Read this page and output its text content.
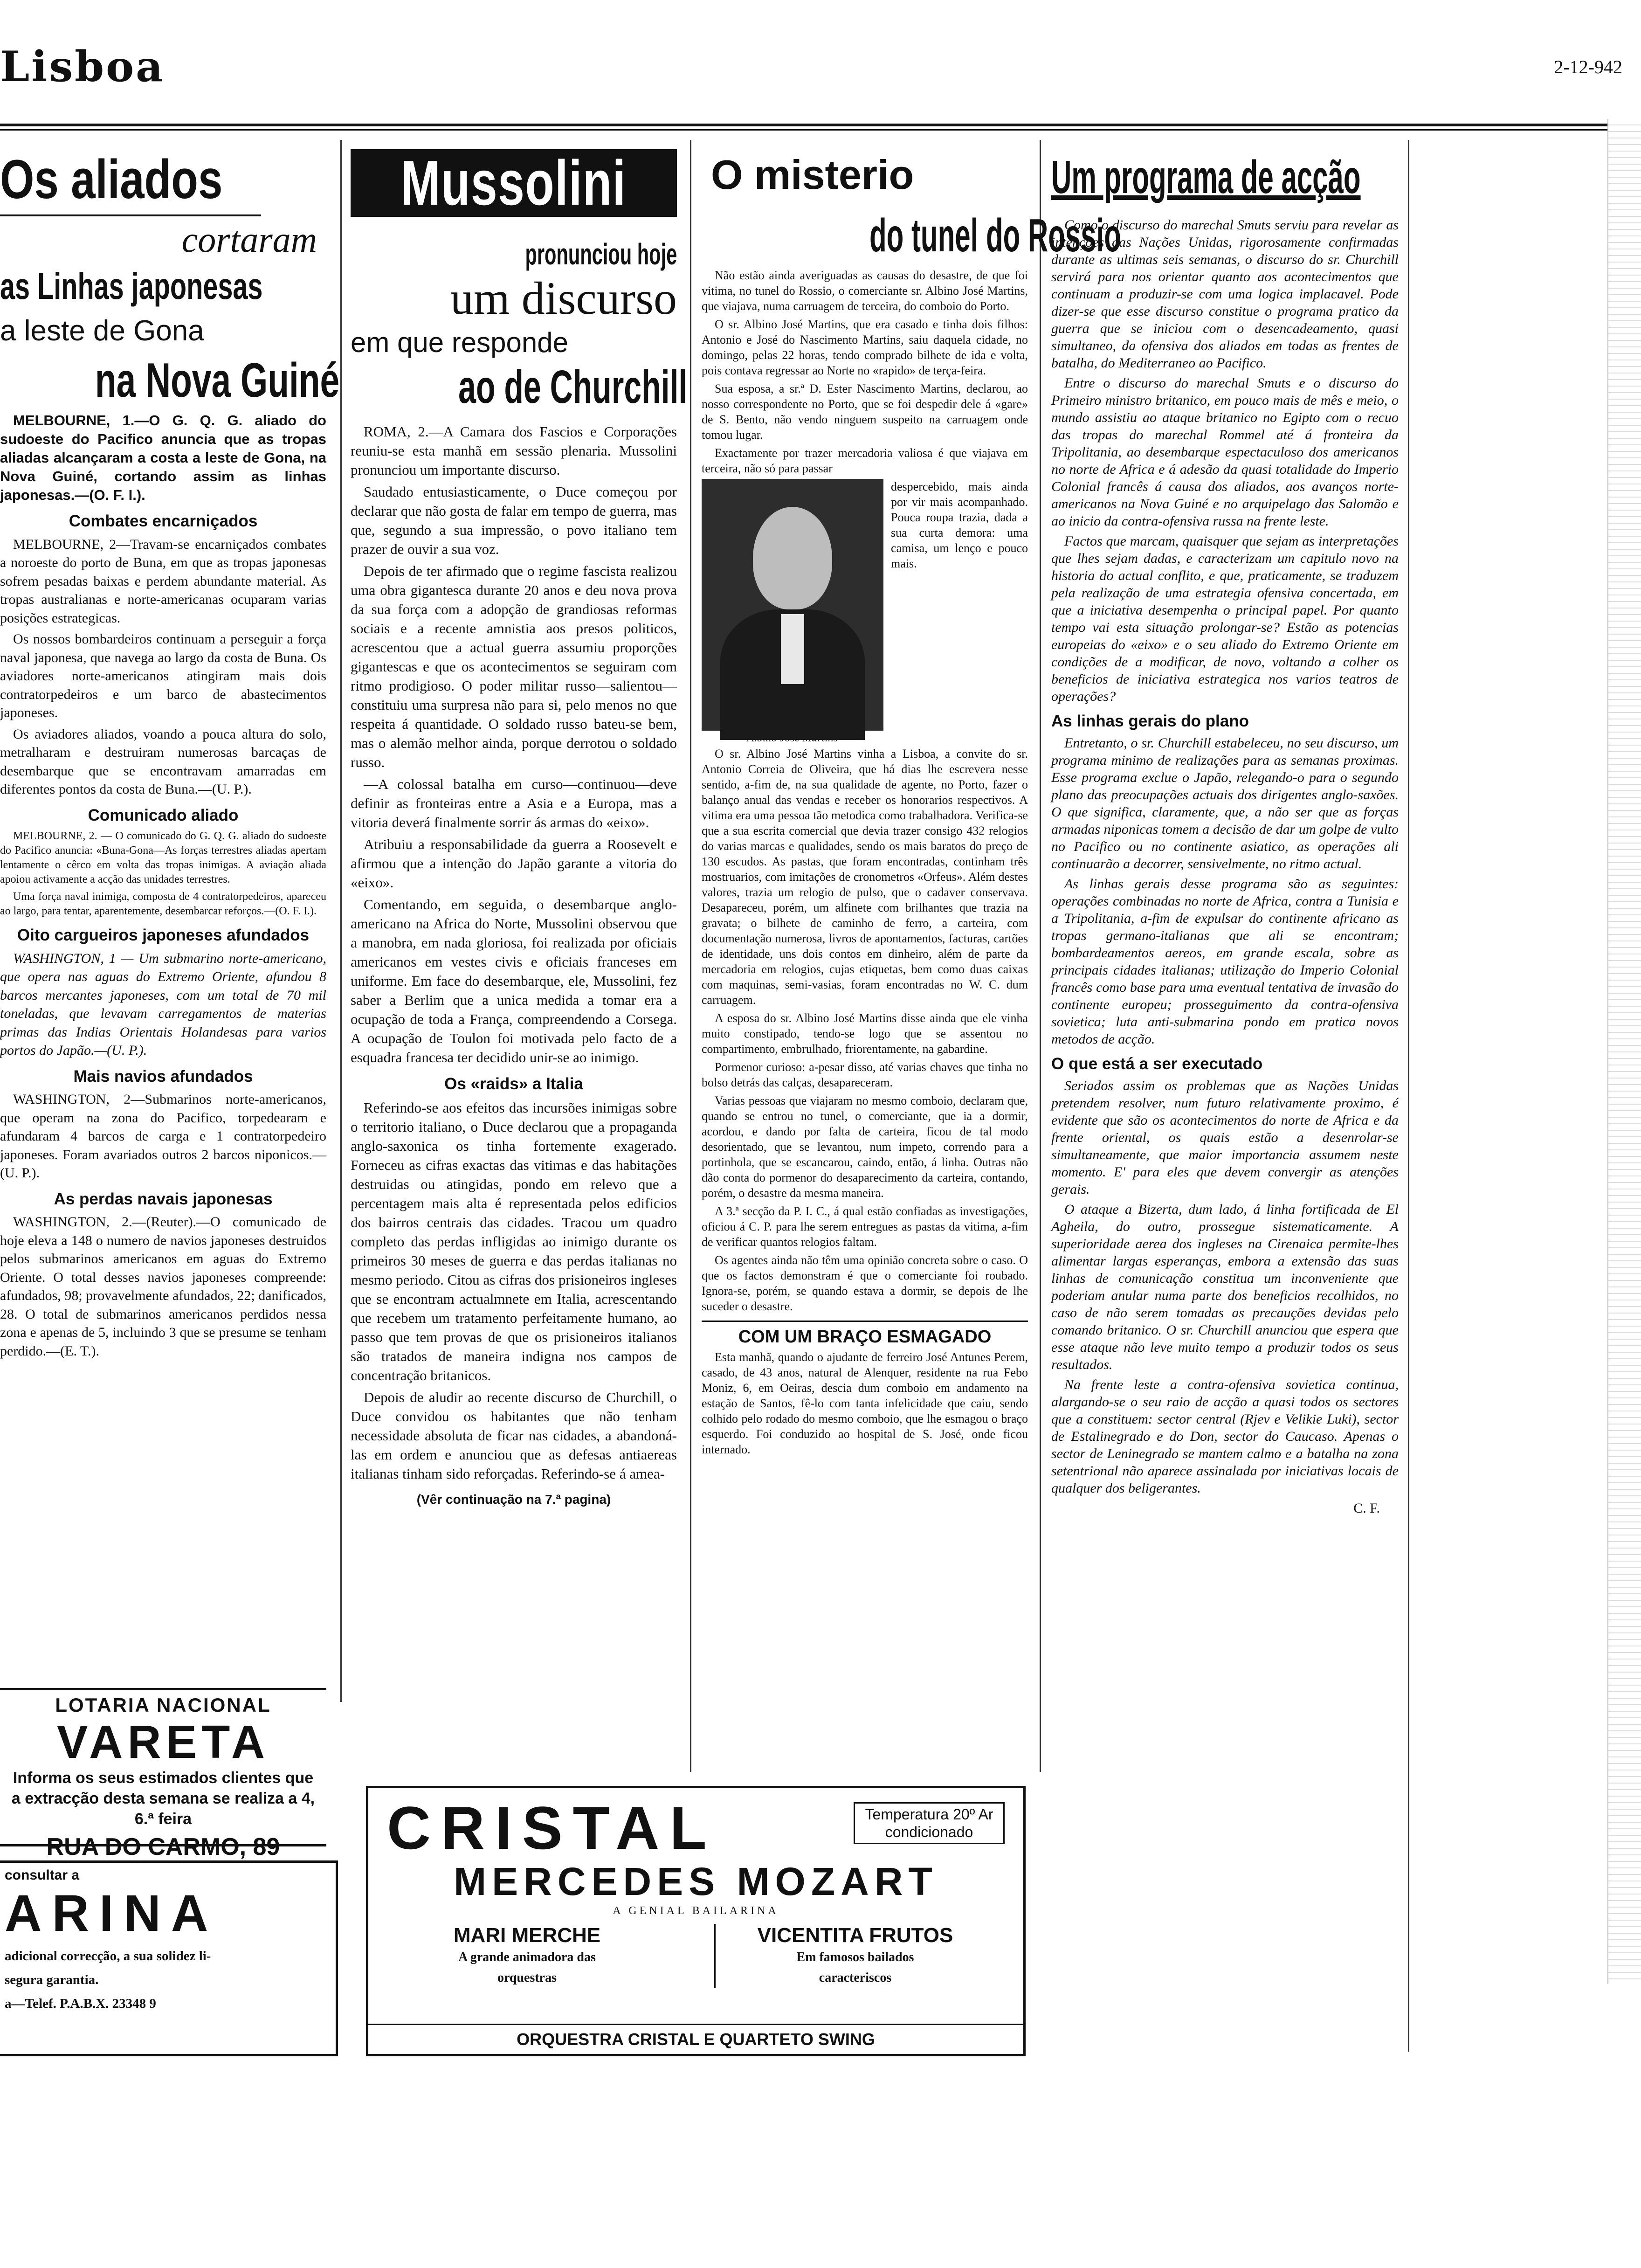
Lisboa	2-12-942
Os aliados
cortaram
as Linhas japonesas
a leste de Gona
na Nova Guiné

MELBOURNE, 1.—O G. Q. G. aliado do sudoeste do Pacifico anuncia que as tropas aliadas alcançaram a costa a leste de Gona, na Nova Guiné, cortando assim as linhas japonesas.—(O. F. I.).

Combates encarniçados

MELBOURNE, 2—Travam-se encarniçados combates a noroeste do porto de Buna, em que as tropas japonesas sofrem pesadas baixas e perdem abundante material. As tropas australianas e norte-americanas ocuparam varias posições estrategicas.

Os nossos bombardeiros continuam a perseguir a força naval japonesa, que navega ao largo da costa de Buna. Os aviadores norte-americanos atingiram mais dois contratorpedeiros e um barco de abastecimentos japoneses.

Os aviadores aliados, voando a pouca altura do solo, metralharam e destruiram numerosas barcaças de desembarque que se encontravam amarradas em diferentes pontos da costa de Buna.—(U. P.).

Comunicado aliado

MELBOURNE, 2. — O comunicado do G. Q. G. aliado do sudoeste do Pacifico anuncia: «Buna-Gona—As forças terrestres aliadas apertam lentamente o cêrco em volta das tropas inimigas. A aviação aliada apoiou activamente a acção das unidades terrestres.

Uma força naval inimiga, composta de 4 contratorpedeiros, apareceu ao largo, para tentar, aparentemente, desembarcar reforços.—(O. F. I.).

Oito cargueiros japoneses afundados

WASHINGTON, 1 — Um submarino norte-americano, que opera nas aguas do Extremo Oriente, afundou 8 barcos mercantes japoneses, com um total de 70 mil toneladas, que levavam carregamentos de materias primas das Indias Orientais Holandesas para varios portos do Japão.—(U. P.).

Mais navios afundados

WASHINGTON, 2—Submarinos norte-americanos, que operam na zona do Pacifico, torpedearam e afundaram 4 barcos de carga e 1 contratorpedeiro japoneses. Foram avariados outros 2 barcos niponicos.—(U. P.).

As perdas navais japonesas

WASHINGTON, 2.—(Reuter).—O comunicado de hoje eleva a 148 o numero de navios japoneses destruidos pelos submarinos americanos em aguas do Extremo Oriente. O total desses navios japoneses compreende: afundados, 98; provavelmente afundados, 22; danificados, 28. O total de submarinos americanos perdidos nessa zona e apenas de 5, incluindo 3 que se presume se tenham perdido.—(E. T.).

LOTARIA NACIONAL
VARETA
Informa os seus estimados clientes que a extracção desta semana se realiza a 4, 6.ª feira
RUA DO CARMO, 89
consultar a
ARINA
adicional correcção, a sua solidez li-
segura garantia.
a—Telef. P.A.B.X. 23348 9
Mussolini
pronunciou hoje
um discurso
em que responde
ao de Churchill

ROMA, 2.—A Camara dos Fascios e Corporações reuniu-se esta manhã em sessão plenaria. Mussolini pronunciou um importante discurso.

Saudado entusiasticamente, o Duce começou por declarar que não gosta de falar em tempo de guerra, mas que, segundo a sua impressão, o povo italiano tem prazer de ouvir a sua voz.

Depois de ter afirmado que o regime fascista realizou uma obra gigantesca durante 20 anos e deu nova prova da sua força com a adopção de grandiosas reformas sociais e a recente amnistia aos presos politicos, acrescentou que a actual guerra assumiu proporções gigantescas e que os acontecimentos se seguiram com ritmo prodigioso. O poder militar russo—salientou—constituiu uma surpresa não para si, pelo menos no que respeita á quantidade. O soldado russo bateu-se bem, mas o alemão melhor ainda, porque derrotou o soldado russo.

—A colossal batalha em curso—continuou—deve definir as fronteiras entre a Asia e a Europa, mas a vitoria deverá finalmente sorrir ás armas do «eixo».

Atribuiu a responsabilidade da guerra a Roosevelt e afirmou que a intenção do Japão garante a vitoria do «eixo».

Comentando, em seguida, o desembarque anglo-americano na Africa do Norte, Mussolini observou que a manobra, em nada gloriosa, foi realizada por oficiais americanos em vestes civis e oficiais franceses em uniforme. Em face do desembarque, ele, Mussolini, fez saber a Berlim que a unica medida a tomar era a ocupação de toda a França, compreendendo a Corsega. A ocupação de Toulon foi motivada pelo facto de a esquadra francesa ter decidido unir-se ao inimigo.

Os «raids» a Italia

Referindo-se aos efeitos das incursões inimigas sobre o territorio italiano, o Duce declarou que a propaganda anglo-saxonica os tinha fortemente exagerado. Forneceu as cifras exactas das vitimas e das habitações destruidas ou atingidas, pondo em relevo que a percentagem mais alta é representada pelos edificios dos bairros centrais das cidades. Tracou um quadro completo das perdas infligidas ao inimigo durante os primeiros 30 meses de guerra e das perdas italianas no mesmo periodo. Citou as cifras dos prisioneiros ingleses que se encontram actualmnete em Italia, acrescentando que recebem um tratamento perfeitamente humano, ao passo que tem provas de que os prisioneiros italianos são tratados de maneira indigna nos campos de concentração britanicos.

Depois de aludir ao recente discurso de Churchill, o Duce convidou os habitantes que não tenham necessidade absoluta de ficar nas cidades, a abandoná-las em ordem e anunciou que as defesas antiaereas italianas tinham sido reforçadas. Referindo-se á amea-

(Vêr continuação na 7.ª pagina)
O misterio
do tunel do Rossio

Não estão ainda averiguadas as causas do desastre, de que foi vitima, no tunel do Rossio, o comerciante sr. Albino José Martins, que viajava, numa carruagem de terceira, do comboio do Porto.

O sr. Albino José Martins, que era casado e tinha dois filhos: Antonio e José do Nascimento Martins, saiu daquela cidade, no domingo, pelas 22 horas, tendo comprado bilhete de ida e volta, pois contava regressar ao Norte no «rapido» de terça-feira.

Sua esposa, a sr.ª D. Ester Nascimento Martins, declarou, ao nosso correspondente no Porto, que se foi despedir dele á «gare» de S. Bento, não vendo ninguem suspeito na carruagem onde tomou lugar.

Exactamente por trazer mercadoria valiosa é que viajava em terceira, não só para passar

despercebido, mais ainda por vir mais acompanhado. Pouca roupa trazia, dada a sua curta demora: uma camisa, um lenço e pouco mais.

O sr. Albino José Martins vinha a Lisboa, a convite do sr. Antonio Correia de Oliveira, que há dias lhe escrevera nesse sentido, a-fim de, na sua qualidade de agente, no Porto, fazer o balanço anual das vendas e receber os honorarios respectivos. A vitima era uma pessoa tão metodica como trabalhadora. Verifica-se que a sua escrita comercial que devia trazer consigo 432 relogios do varias marcas e qualidades, sendo os mais baratos do preço de 130 escudos. As pastas, que foram encontradas, continham três mostruarios, com imitações de cronometros «Orfeus». Além destes valores, trazia um relogio de pulso, que o cadaver conservava. Desapareceu, porém, um alfinete com brilhantes que trazia na gravata; o bilhete de caminho de ferro, a carteira, com documentação numerosa, livros de apontamentos, facturas, cartões de identidade, uns dois contos em dinheiro, além de parte da mercadoria em relogios, cujas etiquetas, bem como duas caixas com maquinas, semi-vasias, foram encontradas no W. C. dum carruagem.

A esposa do sr. Albino José Martins disse ainda que ele vinha muito constipado, tendo-se logo que se assentou no compartimento, embrulhado, friorentamente, na gabardine.

Pormenor curioso: a-pesar disso, até varias chaves que tinha no bolso detrás das calças, desapareceram.

Varias pessoas que viajaram no mesmo comboio, declaram que, quando se entrou no tunel, o comerciante, que ia a dormir, acordou, e dando por falta de carteira, ficou de tal modo desorientado, que se levantou, num impeto, correndo para a portinhola, que se escancarou, caindo, então, á linha. Outras não dão conta do pormenor do desaparecimento da carteira, contando, porém, o desastre da mesma maneira.

A 3.ª secção da P. I. C., á qual estão confiadas as investigações, oficiou á C. P. para lhe serem entregues as pastas da vitima, a-fim de verificar quantos relogios faltam.

Os agentes ainda não têm uma opinião concreta sobre o caso. O que os factos demonstram é que o comerciante foi roubado. Ignora-se, porém, se quando estava a dormir, se depois de lhe suceder o desastre.

COM UM BRAÇO ESMAGADO

Esta manhã, quando o ajudante de ferreiro José Antunes Perem, casado, de 43 anos, natural de Alenquer, residente na rua Febo Moniz, 6, em Oeiras, descia dum comboio em andamento na estação de Santos, fê-lo com tanta infelicidade que caiu, sendo colhido pelo rodado do mesmo comboio, que lhe esmagou o braço esquerdo. Foi conduzido ao hospital de S. José, onde ficou internado.

Um programa de acção

Como o discurso do marechal Smuts serviu para revelar as intenções das Nações Unidas, rigorosamente confirmadas durante as ultimas seis semanas, o discurso do sr. Churchill servirá para nos orientar quanto aos acontecimentos que continuam a produzir-se com uma logica implacavel. Pode dizer-se que esse discurso constitue o programa pratico da guerra que se iniciou com o desencadeamento, quasi simultaneo, da ofensiva dos aliados em todas as frentes de batalha, do Mediterraneo ao Pacifico.

Entre o discurso do marechal Smuts e o discurso do Primeiro ministro britanico, em pouco mais de mês e meio, o mundo assistiu ao ataque britanico no Egipto com o recuo das tropas do marechal Rommel até á fronteira da Tripolitania, ao desembarque espectaculoso dos americanos no norte de Africa e á adesão da quasi totalidade do Imperio Colonial francês á causa dos aliados, aos avanços norte-americanos na Nova Guiné e no arquipelago das Salomão e ao inicio da contra-ofensiva russa na frente leste.

Factos que marcam, quaisquer que sejam as interpretações que lhes sejam dadas, e caracterizam um capitulo novo na historia do actual conflito, e que, praticamente, se traduzem pela realização de uma estrategia ofensiva concertada, em que a iniciativa desempenha o principal papel. Por quanto tempo vai esta situação prolongar-se? Estão as potencias europeias do «eixo» e o seu aliado do Extremo Oriente em condições de a modificar, de novo, voltando a colher os beneficios de iniciativa estrategica nos varios teatros de operações?

As linhas gerais do plano

Entretanto, o sr. Churchill estabeleceu, no seu discurso, um programa minimo de realizações para as semanas proximas. Esse programa exclue o Japão, relegando-o para o segundo plano das preocupações actuais dos dirigentes anglo-saxões. O que significa, claramente, que, a não ser que as forças armadas niponicas tomem a decisão de dar um golpe de vulto no Pacifico ou no continente asiatico, as operações ali continuarão a decorrer, sensivelmente, no ritmo actual.

As linhas gerais desse programa são as seguintes: operações combinadas no norte de Africa, contra a Tunisia e a Tripolitania, a-fim de expulsar do continente africano as tropas germano-italianas que ali se encontram; bombardeamentos aereos, em grande escala, sobre as principais cidades italianas; utilização do Imperio Colonial francês como base para uma eventual tentativa de invasão do continente europeu; prosseguimento da contra-ofensiva sovietica; luta anti-submarina pondo em pratica novos metodos de acção.

O que está a ser executado

Seriados assim os problemas que as Nações Unidas pretendem resolver, num futuro relativamente proximo, é evidente que são os acontecimentos do norte de Africa e da frente oriental, os quais estão a desenrolar-se simultaneamente, que maior importancia assumem neste momento. E' para eles que devem convergir as atenções gerais.

O ataque a Bizerta, dum lado, á linha fortificada de El Agheila, do outro, prossegue sistematicamente. A superioridade aerea dos ingleses na Cirenaica permite-lhes alimentar largas esperanças, embora a extensão das suas linhas de comunicação constitua um inconveniente que poderiam anular numa parte dos beneficios recolhidos, no caso de não serem tomadas as precauções devidas pelo comando britanico. O sr. Churchill anunciou que espera que esse ataque não leve muito tempo a produzir todos os seus resultados.

Na frente leste a contra-ofensiva sovietica continua, alargando-se o seu raio de acção a quasi todos os sectores que a constituem: sector central (Rjev e Velikie Luki), sector de Estalinegrado e do Don, sector do Caucaso. Apenas o sector de Leninegrado se mantem calmo e a batalha na zona setentrional não aparece assinalada por iniciativas locais de qualquer dos beligerantes.

C. F.
CRISTAL	Temperatura 20º Ar condicionado
MERCEDES MOZART
A GENIAL BAILARINA
MARI MERCHE
A grande animadora das orquestras
VICENTITA FRUTOS
Em famosos bailados caracteriscos
ORQUESTRA CRISTAL E QUARTETO SWING
